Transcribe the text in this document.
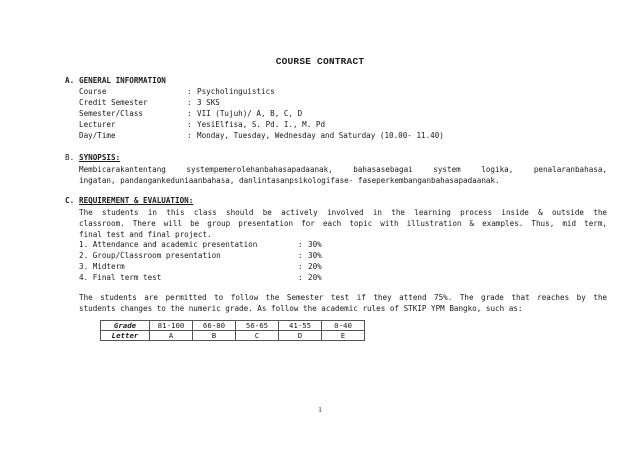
COURSE CONTRACT
A. GENERAL INFORMATION
Course	: Psycholinguistics
Credit Semester	: 3 SKS
Semester/Class	: VII (Tujuh)/ A, B, C, D
Lecturer	: YesiElfisa, S. Pd. I., M. Pd
Day/Time	: Monday, Tuesday, Wednesday and Saturday (10.00- 11.40)
B. SYNOPSIS:
Membicarakantentang systempemerolehanbahasapadaanak, bahasasebagai system logika, penalaranbahasa,
ingatan, pandangankeduniaanbahasa, danlintasanpsikologifase- faseperkembanganbahasapadaanak.
C. REQUIREMENT & EVALUATION:
The students in this class should be actively involved in the learning process inside & outside the
classroom. There will be group presentation for each topic with illustration & examples. Thus, mid term,
final test and final project.
1. Attendance and academic presentation	: 30%
2. Group/Classroom presentation	: 30%
3. Midterm	: 20%
4. Final term test	: 20%
The students are permitted to follow the Semester test if they attend 75%. The grade that reaches by the
students changes to the numeric grade. As follow the academic rules of STKIP YPM Bangko, such as:
Grade	81-100	66-80	56-65	41-55	0-40
Letter	A	B	C	D	E
1
